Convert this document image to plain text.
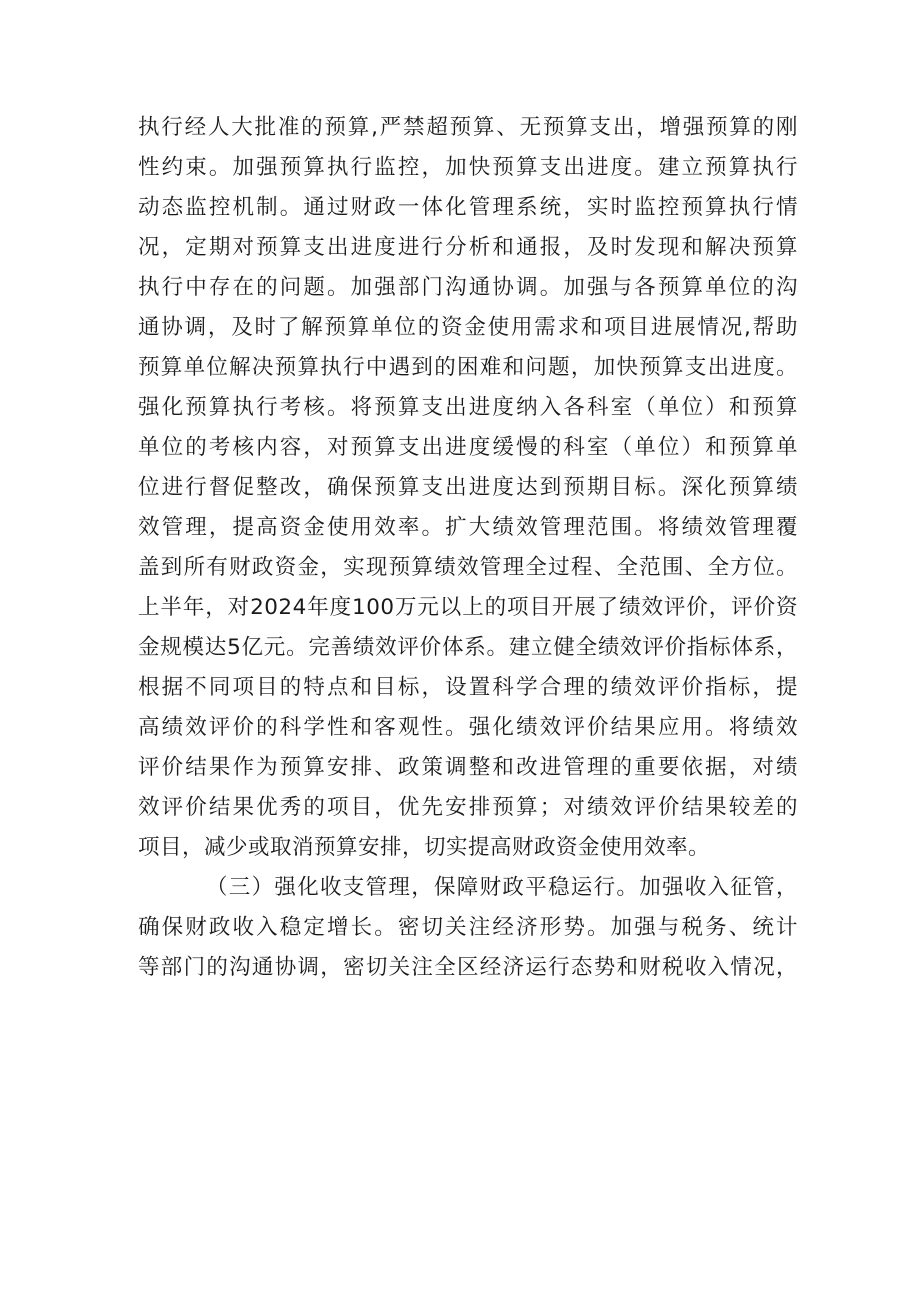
执行经人大批准的预算,严禁超预算、无预算支出，增强预算的刚
性约束。加强预算执行监控，加快预算支出进度。建立预算执行
动态监控机制。通过财政一体化管理系统，实时监控预算执行情
况，定期对预算支出进度进行分析和通报，及时发现和解决预算
执行中存在的问题。加强部门沟通协调。加强与各预算单位的沟
通协调，及时了解预算单位的资金使用需求和项目进展情况,帮助
预算单位解决预算执行中遇到的困难和问题，加快预算支出进度。
强化预算执行考核。将预算支出进度纳入各科室（单位）和预算
单位的考核内容，对预算支出进度缓慢的科室（单位）和预算单
位进行督促整改，确保预算支出进度达到预期目标。深化预算绩
效管理，提高资金使用效率。扩大绩效管理范围。将绩效管理覆
盖到所有财政资金，实现预算绩效管理全过程、全范围、全方位。
上半年，对2024年度100万元以上的项目开展了绩效评价，评价资
金规模达5亿元。完善绩效评价体系。建立健全绩效评价指标体系，
根据不同项目的特点和目标，设置科学合理的绩效评价指标，提
高绩效评价的科学性和客观性。强化绩效评价结果应用。将绩效
评价结果作为预算安排、政策调整和改进管理的重要依据，对绩
效评价结果优秀的项目，优先安排预算；对绩效评价结果较差的
项目，减少或取消预算安排，切实提高财政资金使用效率。
（三）强化收支管理，保障财政平稳运行。加强收入征管，
确保财政收入稳定增长。密切关注经济形势。加强与税务、统计
等部门的沟通协调，密切关注全区经济运行态势和财税收入情况，
